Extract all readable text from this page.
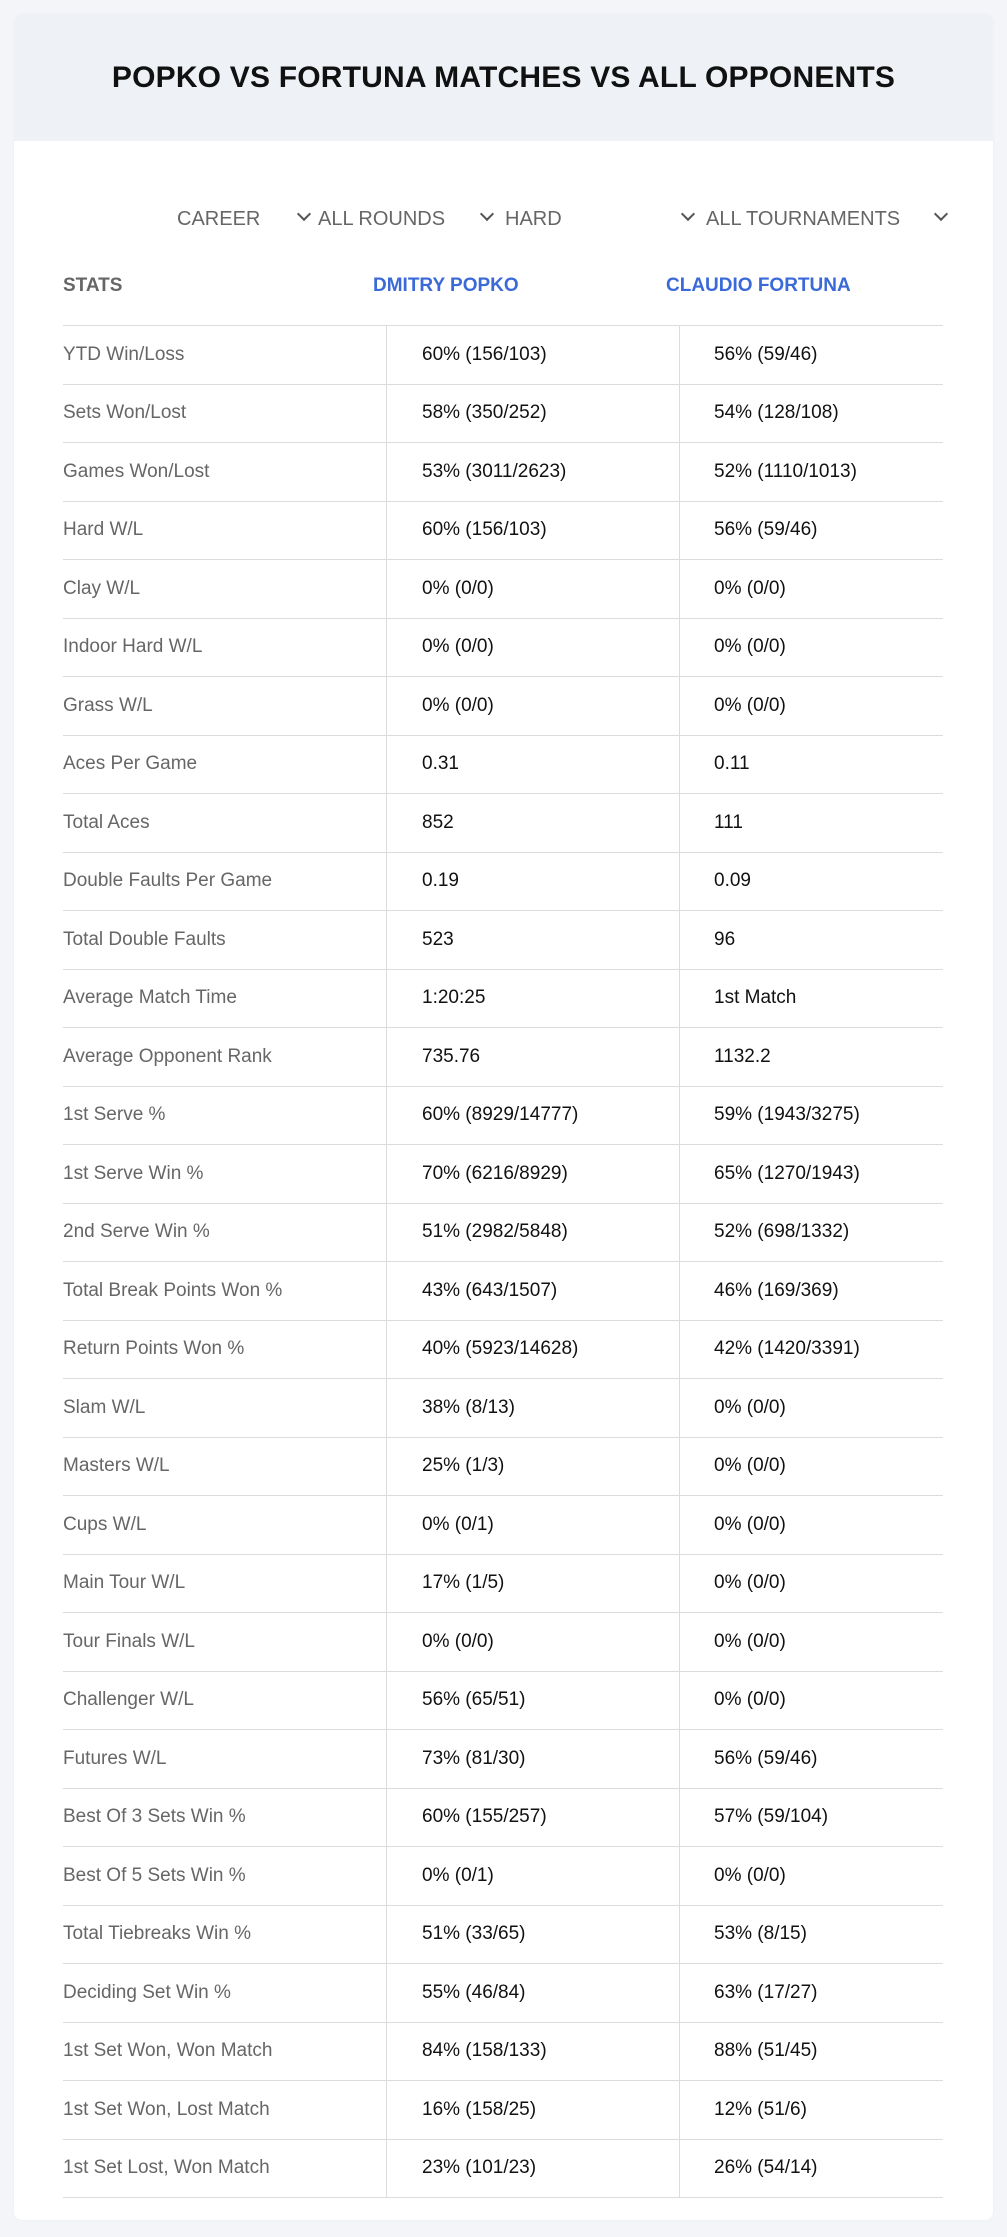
POPKO VS FORTUNA MATCHES VS ALL OPPONENTS
CAREER	ALL ROUNDS	HARD	ALL TOURNAMENTS
STATS	DMITRY POPKO	CLAUDIO FORTUNA
YTD Win/Loss	60% (156/103)	56% (59/46)
Sets Won/Lost	58% (350/252)	54% (128/108)
Games Won/Lost	53% (3011/2623)	52% (1110/1013)
Hard W/L	60% (156/103)	56% (59/46)
Clay W/L	0% (0/0)	0% (0/0)
Indoor Hard W/L	0% (0/0)	0% (0/0)
Grass W/L	0% (0/0)	0% (0/0)
Aces Per Game	0.31	0.11
Total Aces	852	111
Double Faults Per Game	0.19	0.09
Total Double Faults	523	96
Average Match Time	1:20:25	1st Match
Average Opponent Rank	735.76	1132.2
1st Serve %	60% (8929/14777)	59% (1943/3275)
1st Serve Win %	70% (6216/8929)	65% (1270/1943)
2nd Serve Win %	51% (2982/5848)	52% (698/1332)
Total Break Points Won %	43% (643/1507)	46% (169/369)
Return Points Won %	40% (5923/14628)	42% (1420/3391)
Slam W/L	38% (8/13)	0% (0/0)
Masters W/L	25% (1/3)	0% (0/0)
Cups W/L	0% (0/1)	0% (0/0)
Main Tour W/L	17% (1/5)	0% (0/0)
Tour Finals W/L	0% (0/0)	0% (0/0)
Challenger W/L	56% (65/51)	0% (0/0)
Futures W/L	73% (81/30)	56% (59/46)
Best Of 3 Sets Win %	60% (155/257)	57% (59/104)
Best Of 5 Sets Win %	0% (0/1)	0% (0/0)
Total Tiebreaks Win %	51% (33/65)	53% (8/15)
Deciding Set Win %	55% (46/84)	63% (17/27)
1st Set Won, Won Match	84% (158/133)	88% (51/45)
1st Set Won, Lost Match	16% (158/25)	12% (51/6)
1st Set Lost, Won Match	23% (101/23)	26% (54/14)
